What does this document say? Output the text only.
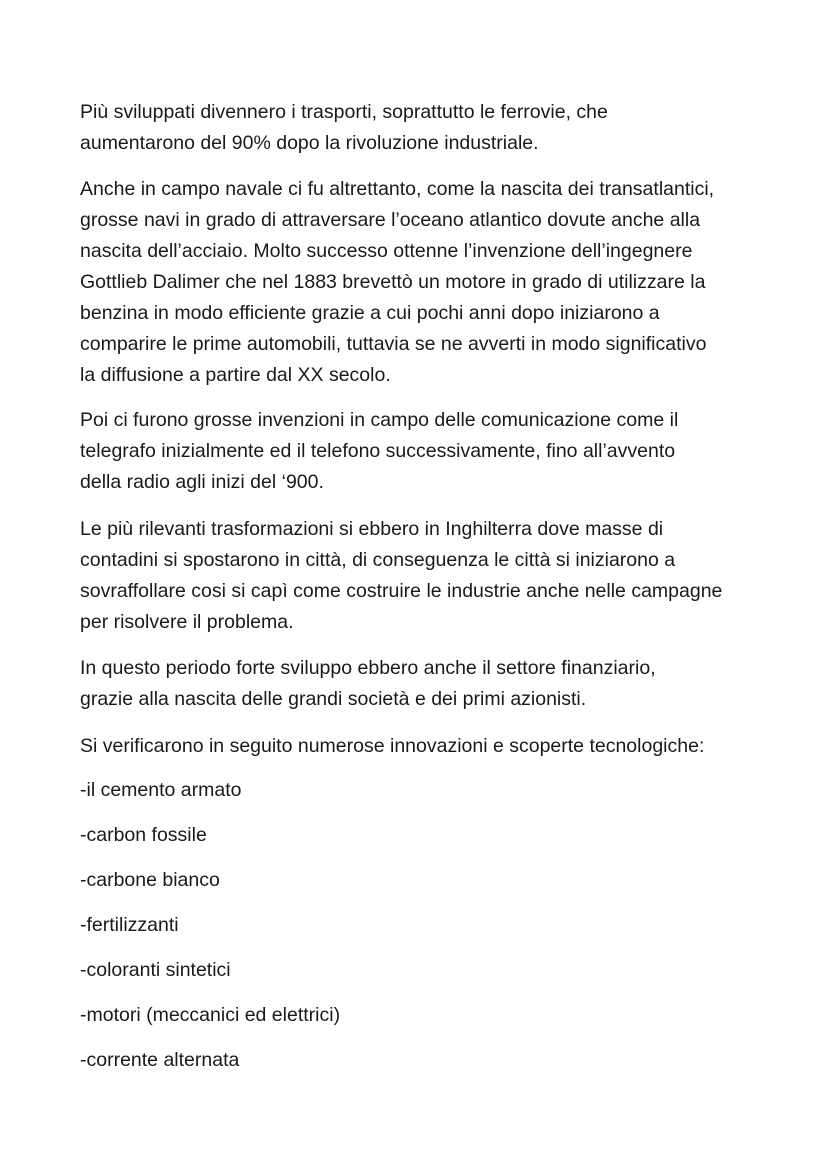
Più sviluppati divennero i trasporti, soprattutto le ferrovie, che
aumentarono del 90% dopo la rivoluzione industriale.
Anche in campo navale ci fu altrettanto, come la nascita dei transatlantici,
grosse navi in grado di attraversare l’oceano atlantico dovute anche alla
nascita dell’acciaio. Molto successo ottenne l’invenzione dell’ingegnere
Gottlieb Dalimer che nel 1883 brevettò un motore in grado di utilizzare la
benzina in modo efficiente grazie a cui pochi anni dopo iniziarono a
comparire le prime automobili, tuttavia se ne avverti in modo significativo
la diffusione a partire dal XX secolo.
Poi ci furono grosse invenzioni in campo delle comunicazione come il
telegrafo inizialmente ed il telefono successivamente, fino all’avvento
della radio agli inizi del ‘900.
Le più rilevanti trasformazioni si ebbero in Inghilterra dove masse di
contadini si spostarono in città, di conseguenza le città si iniziarono a
sovraffollare cosi si capì come costruire le industrie anche nelle campagne
per risolvere il problema.
In questo periodo forte sviluppo ebbero anche il settore finanziario,
grazie alla nascita delle grandi società e dei primi azionisti.
Si verificarono in seguito numerose innovazioni e scoperte tecnologiche:

-il cemento armato

-carbon fossile

-carbone bianco

-fertilizzanti

-coloranti sintetici

-motori (meccanici ed elettrici)

-corrente alternata
